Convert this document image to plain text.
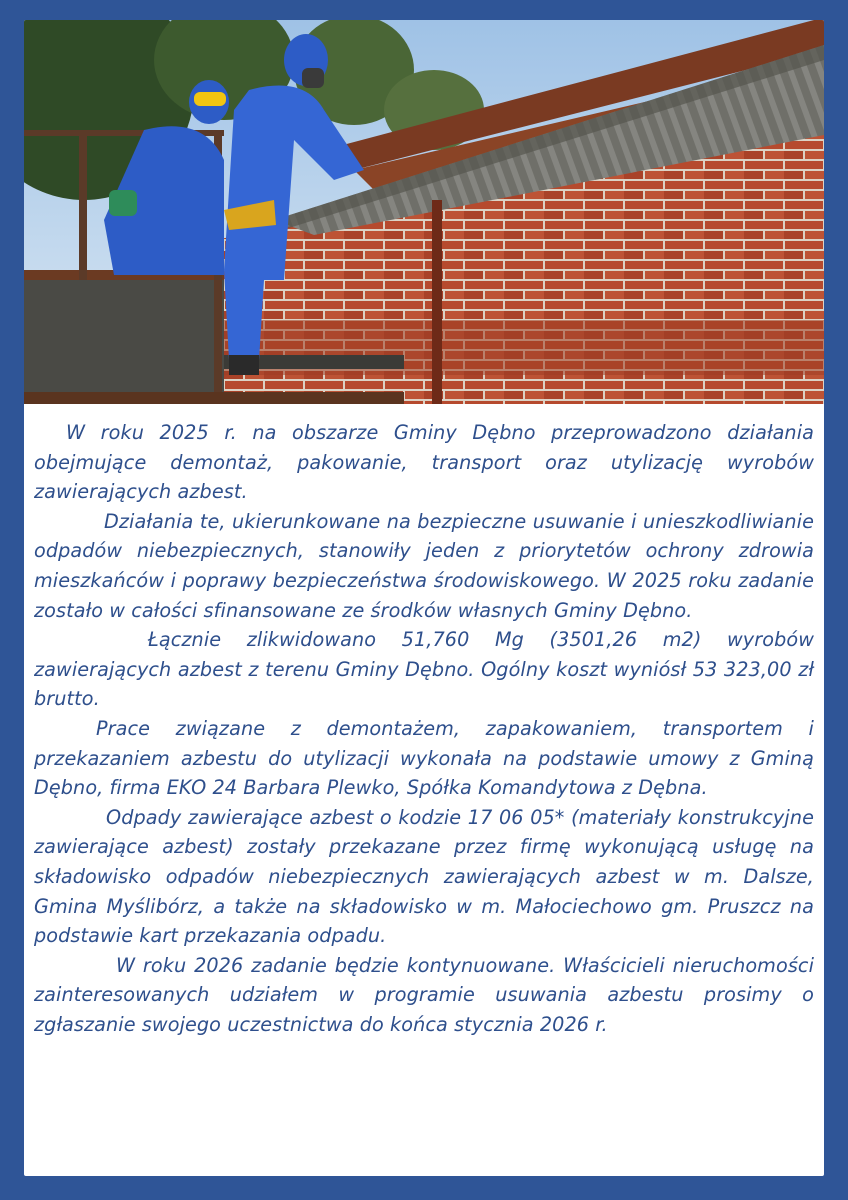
W roku 2025 r. na obszarze Gminy Dębno przeprowadzono działania obejmujące demontaż, pakowanie, transport oraz utylizację wyrobów zawierających azbest.

Działania te, ukierunkowane na bezpieczne usuwanie i unieszkodliwianie odpadów niebezpiecznych, stanowiły jeden z priorytetów ochrony zdrowia mieszkańców i poprawy bezpieczeństwa środowiskowego. W 2025 roku zadanie zostało w całości sfinansowane ze środków własnych Gminy Dębno.

Łącznie zlikwidowano 51,760 Mg (3501,26 m2) wyrobów zawierających azbest z terenu Gminy Dębno. Ogólny koszt wyniósł 53 323,00 zł brutto.

Prace związane z demontażem, zapakowaniem, transportem i przekazaniem azbestu do utylizacji wykonała na podstawie umowy z Gminą Dębno, firma EKO 24 Barbara Plewko, Spółka Komandytowa z Dębna.

Odpady zawierające azbest o kodzie 17 06 05* (materiały konstrukcyjne zawierające azbest) zostały przekazane przez firmę wykonującą usługę na składowisko odpadów niebezpiecznych zawierających azbest w m. Dalsze, Gmina Myślibórz, a także na składowisko w m. Małociechowo gm. Pruszcz na podstawie kart przekazania odpadu.

W roku 2026 zadanie będzie kontynuowane. Właścicieli nieruchomości zainteresowanych udziałem w programie usuwania azbestu prosimy o zgłaszanie swojego uczestnictwa do końca stycznia 2026 r.
